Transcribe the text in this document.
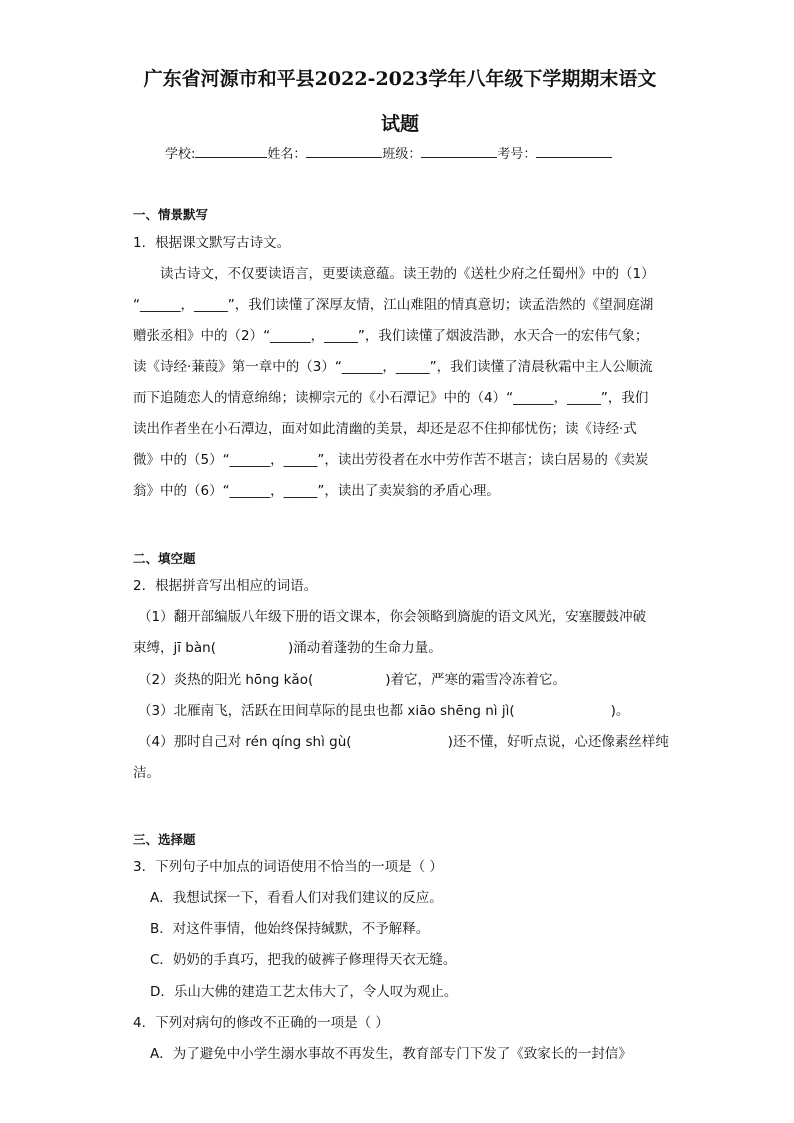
广东省河源市和平县2022-2023学年八年级下学期期末语文
试题
学校:	姓名：	班级：	考号：
一、情景默写
1．根据课文默写古诗文。
读古诗文，不仅要读语言，更要读意蕴。读王勃的《送杜少府之任蜀州》中的（1）
“______，_____”，我们读懂了深厚友情，江山难阻的情真意切；读孟浩然的《望洞庭湖
赠张丞相》中的（2）“______，_____”，我们读懂了烟波浩渺，水天合一的宏伟气象；
读《诗经·蒹葭》第一章中的（3）“______，_____”，我们读懂了清晨秋霜中主人公顺流
而下追随恋人的情意绵绵；读柳宗元的《小石潭记》中的（4）“______，_____”，我们
读出作者坐在小石潭边，面对如此清幽的美景，却还是忍不住抑郁忧伤；读《诗经·式
微》中的（5）“______，_____”，读出劳役者在水中劳作苦不堪言；读白居易的《卖炭
翁》中的（6）“______，_____”，读出了卖炭翁的矛盾心理。
二、填空题
2．根据拼音写出相应的词语。
（1）翻开部编版八年级下册的语文课本，你会领略到旖旎的语文风光，安塞腰鼓冲破
束缚，jī bàn(	)涌动着蓬勃的生命力量。
（2）炎热的阳光 hōng kǎo(	)着它，严寒的霜雪冷冻着它。
（3）北雁南飞，活跃在田间草际的昆虫也都 xiāo shēng nì jì(	)。
（4）那时自己对 rén qíng shì gù(	)还不懂，好听点说，心还像素丝样纯
洁。
三、选择题
3．下列句子中加点的词语使用不恰当的一项是（ ）
A．我想试探一下，看看人们对我们建议的反应。
B．对这件事情，他始终保持缄默，不予解释。
C．奶奶的手真巧，把我的破裤子修理得天衣无缝。
D．乐山大佛的建造工艺太伟大了，令人叹为观止。
4．下列对病句的修改不正确的一项是（ ）
A．为了避免中小学生溺水事故不再发生，教育部专门下发了《致家长的一封信》
